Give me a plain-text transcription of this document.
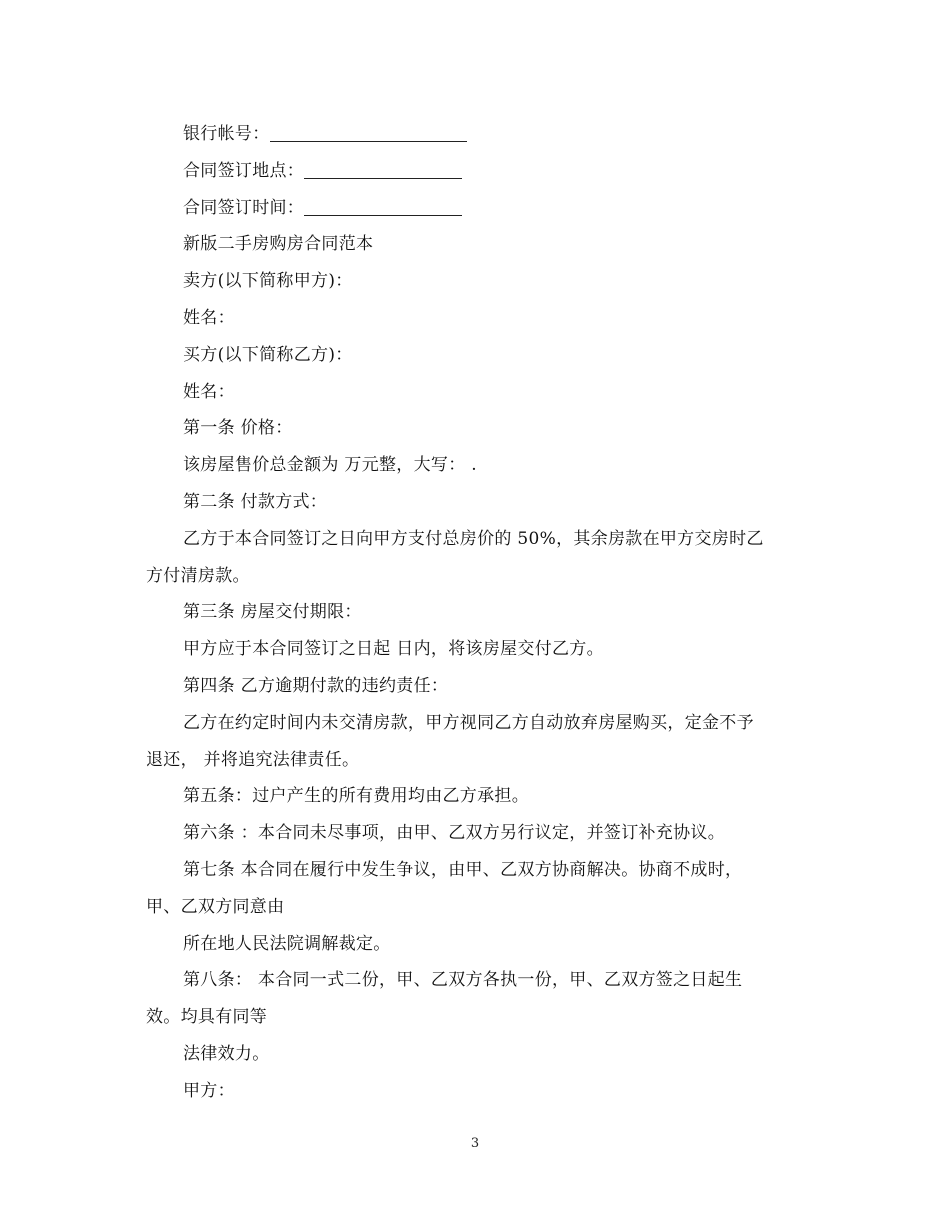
银行帐号：
合同签订地点：
合同签订时间：
新版二手房购房合同范本
卖方(以下简称甲方)：
姓名：
买方(以下简称乙方)：
姓名：
第一条 价格：
该房屋售价总金额为 万元整，大写： .
第二条 付款方式：
乙方于本合同签订之日向甲方支付总房价的 50%，其余房款在甲方交房时乙
方付清房款。
第三条 房屋交付期限：
甲方应于本合同签订之日起 日内，将该房屋交付乙方。
第四条 乙方逾期付款的违约责任：
乙方在约定时间内未交清房款，甲方视同乙方自动放弃房屋购买，定金不予
退还， 并将追究法律责任。
第五条：过户产生的所有费用均由乙方承担。
第六条 ：本合同未尽事项，由甲、乙双方另行议定，并签订补充协议。
第七条 本合同在履行中发生争议，由甲、乙双方协商解决。协商不成时，
甲、乙双方同意由
所在地人民法院调解裁定。
第八条： 本合同一式二份，甲、乙双方各执一份，甲、乙双方签之日起生
效。均具有同等
法律效力。
甲方：
3
